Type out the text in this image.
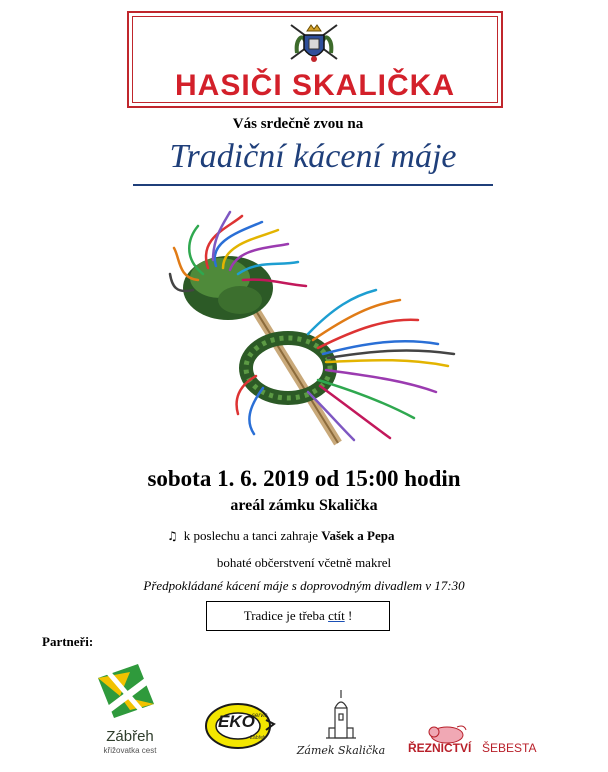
HASIČI SKALIČKA
Vás srdečně zvou na
Tradiční kácení máje
sobota 1. 6. 2019 od 15:00 hodin
areál zámku Skalička
♫ k poslechu a tanci zahraje Vašek a Pepa
bohaté občerstvení včetně makrel
Předpokládané kácení máje s doprovodným divadlem v 17:30
Tradice je třeba ctít !
Partneři:
Zábřeh
křižovatka cest
EKO
servis
Zábřeh
Zámek Skalička ŘEZNICTVÍ ŠEBESTA
